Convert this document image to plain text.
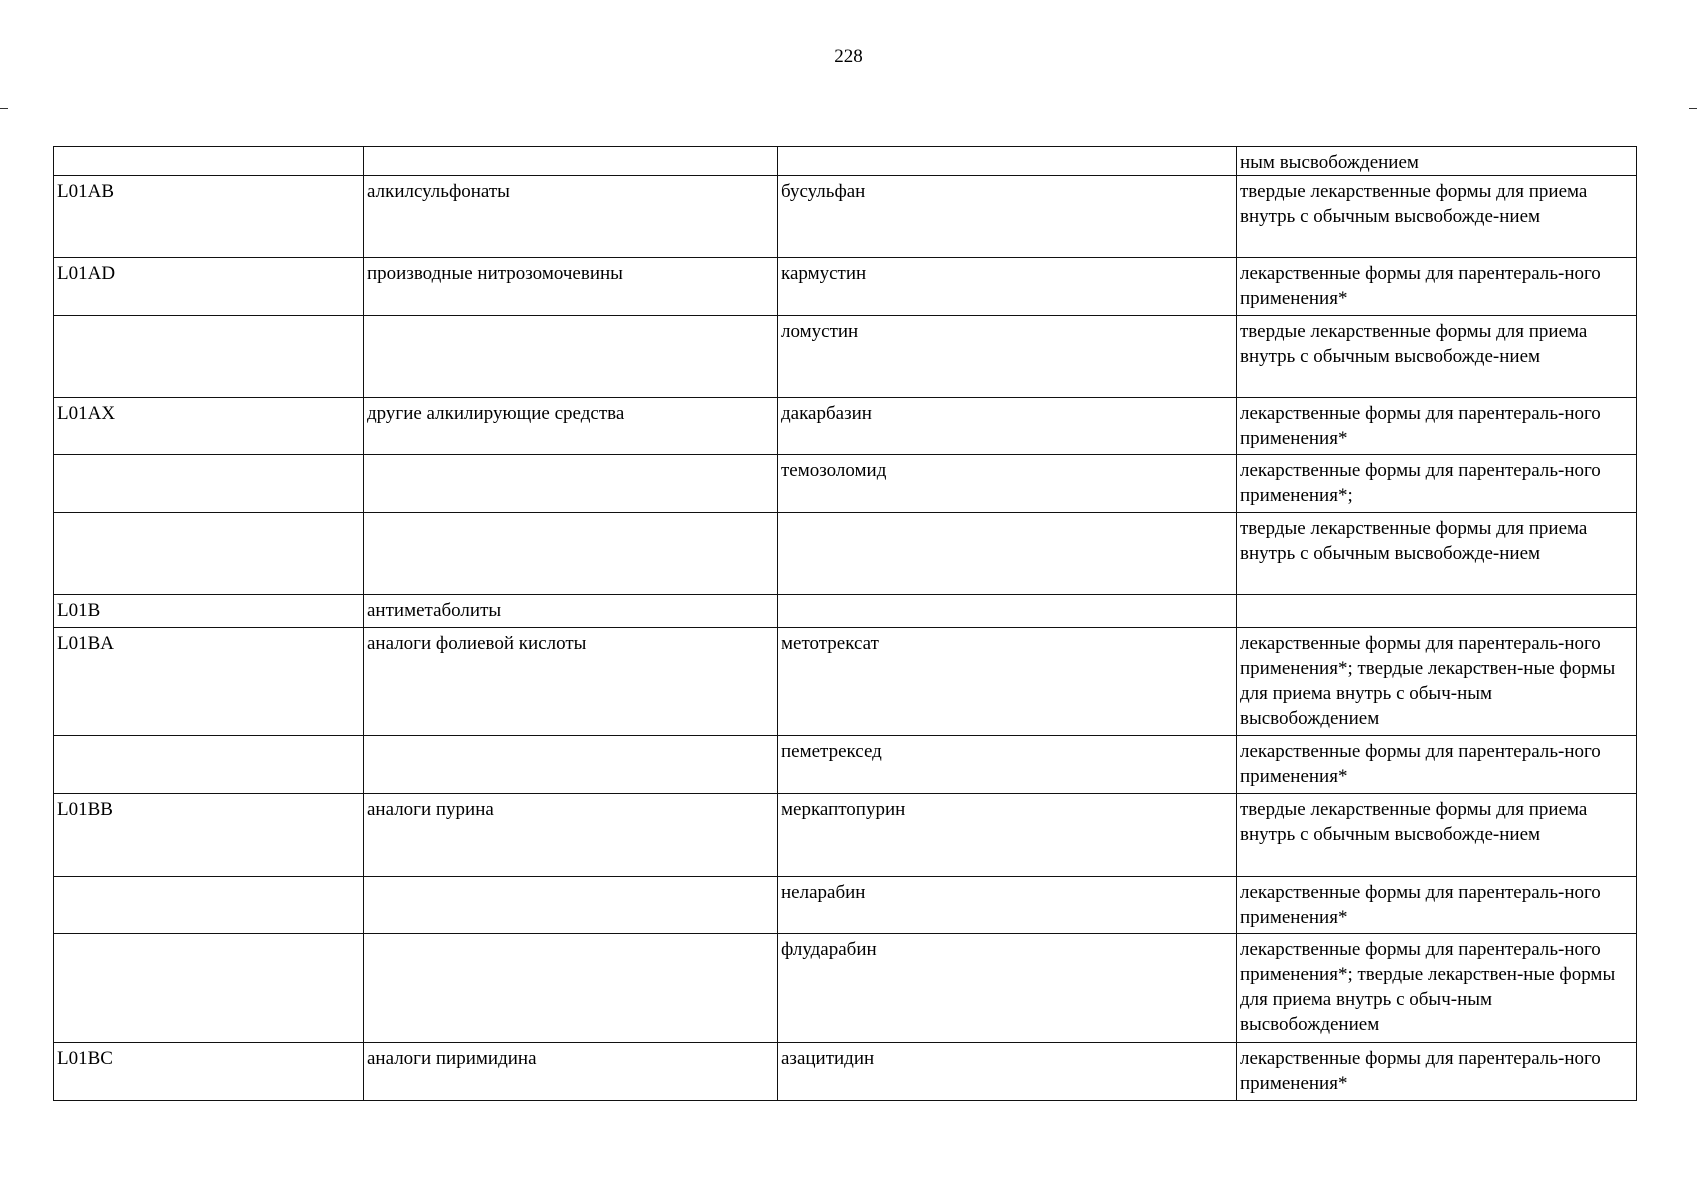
228
			ным высвобождением
L01AB	алкилсульфонаты	бусульфан	твердые лекарственные формы для приема внутрь с обычным высвобожде-нием
L01AD	производные нитрозомочевины	кармустин	лекарственные формы для парентераль-ного применения*
		ломустин	твердые лекарственные формы для приема внутрь с обычным высвобожде-нием
L01AX	другие алкилирующие средства	дакарбазин	лекарственные формы для парентераль-ного применения*
		темозоломид	лекарственные формы для парентераль-ного применения*;
			твердые лекарственные формы для приема внутрь с обычным высвобожде-нием
L01B	антиметаболиты		
L01BA	аналоги фолиевой кислоты	метотрексат	лекарственные формы для парентераль-ного применения*; твердые лекарствен-ные формы для приема внутрь с обыч-ным высвобождением
		пеметрексед	лекарственные формы для парентераль-ного применения*
L01BB	аналоги пурина	меркаптопурин	твердые лекарственные формы для приема внутрь с обычным высвобожде-нием
		неларабин	лекарственные формы для парентераль-ного применения*
		флударабин	лекарственные формы для парентераль-ного применения*; твердые лекарствен-ные формы для приема внутрь с обыч-ным высвобождением
L01BC	аналоги пиримидина	азацитидин	лекарственные формы для парентераль-ного применения*
